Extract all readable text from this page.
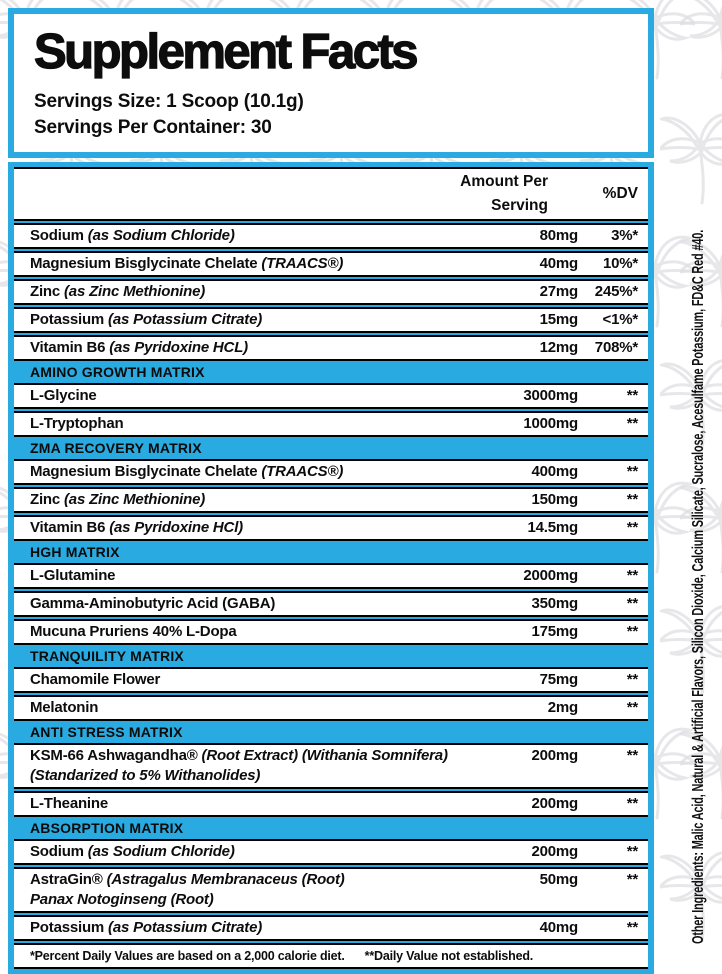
Supplement Facts

Servings Size: 1 Scoop (10.1g)

Servings Per Container: 30

Amount Per Serving
%DV
Sodium (as Sodium Chloride)	80mg	3%*
Magnesium Bisglycinate Chelate (TRAACS®)	40mg	10%*
Zinc (as Zinc Methionine)	27mg	245%*
Potassium (as Potassium Citrate)	15mg	<1%*
Vitamin B6 (as Pyridoxine HCL)	12mg	708%*
AMINO GROWTH MATRIX
L-Glycine	3000mg	**
L-Tryptophan	1000mg	**
ZMA RECOVERY MATRIX
Magnesium Bisglycinate Chelate (TRAACS®)	400mg	**
Zinc (as Zinc Methionine)	150mg	**
Vitamin B6 (as Pyridoxine HCl)	14.5mg	**
HGH MATRIX
L-Glutamine	2000mg	**
Gamma-Aminobutyric Acid (GABA)	350mg	**
Mucuna Pruriens 40% L-Dopa	175mg	**
TRANQUILITY MATRIX
Chamomile Flower	75mg	**
Melatonin	2mg	**
ANTI STRESS MATRIX
KSM-66 Ashwagandha® (Root Extract) (Withania Somnifera)
(Standarized to 5% Withanolides)
200mg	**
L-Theanine	200mg	**
ABSORPTION MATRIX
Sodium (as Sodium Chloride)	200mg	**
AstraGin® (Astragalus Membranaceus (Root)
Panax Notoginseng (Root)
50mg	**
Potassium (as Potassium Citrate)	40mg	**
*Percent Daily Values are based on a 2,000 calorie diet. **Daily Value not established.
Other Ingredients: Malic Acid, Natural & Artificial Flavors, Silicon Dioxide, Calcium Silicate, Sucralose, Acesulfame Potassium, FD&C Red #40.
